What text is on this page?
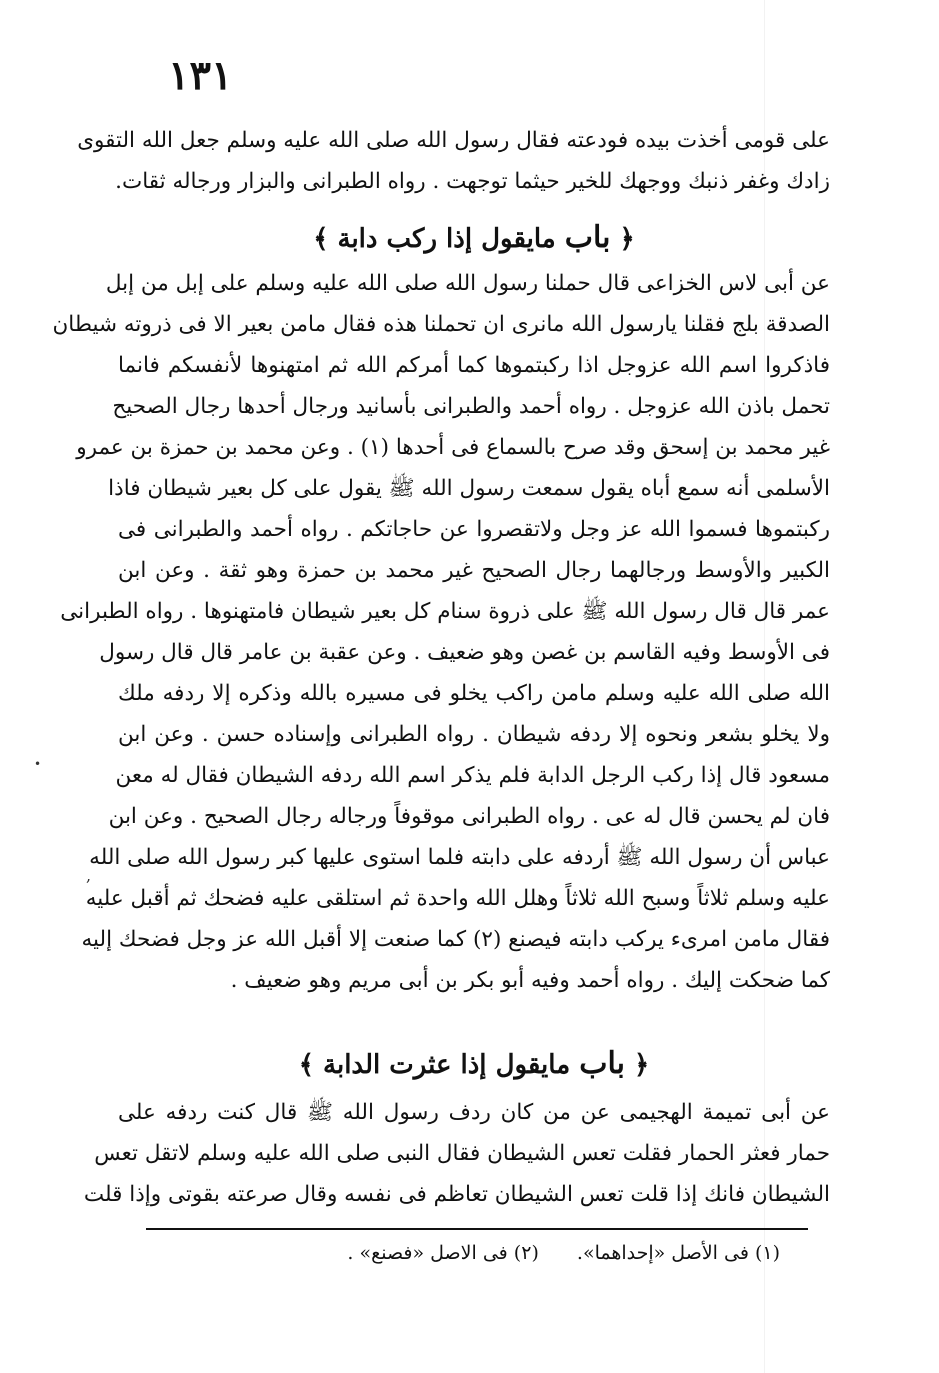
١٣١
على قومى أخذت بيده فودعته فقال رسول الله صلى الله عليه وسلم جعل الله التقوى
زادك وغفر ذنبك ووجهك للخير حيثما توجهت . رواه الطبرانى والبزار ورجاله ثقات.
﴿ باب مايقول إذا ركب دابة ﴾
عن أبى لاس الخزاعى قال حملنا رسول الله صلى الله عليه وسلم على إبل من إبل
الصدقة بلج فقلنا يارسول الله مانرى ان تحملنا هذه فقال مامن بعير الا فى ذروته شيطان
فاذكروا اسم الله عزوجل اذا ركبتموها كما أمركم الله ثم امتهنوها لأنفسكم فانما
تحمل باذن الله عزوجل . رواه أحمد والطبرانى بأسانيد ورجال أحدها رجال الصحيح
غير محمد بن إسحق وقد صرح بالسماع فى أحدها (١) . وعن محمد بن حمزة بن عمرو
الأسلمى أنه سمع أباه يقول سمعت رسول الله ﷺ يقول على كل بعير شيطان فاذا
ركبتموها فسموا الله عز وجل ولاتقصروا عن حاجاتكم . رواه أحمد والطبرانى فى
الكبير والأوسط ورجالهما رجال الصحيح غير محمد بن حمزة وهو ثقة . وعن ابن
عمر قال قال رسول الله ﷺ على ذروة سنام كل بعير شيطان فامتهنوها . رواه الطبرانى
فى الأوسط وفيه القاسم بن غصن وهو ضعيف . وعن عقبة بن عامر قال قال رسول
الله صلى الله عليه وسلم مامن راكب يخلو فى مسيره بالله وذكره إلا ردفه ملك
ولا يخلو بشعر ونحوه إلا ردفه شيطان . رواه الطبرانى وإسناده حسن . وعن ابن
مسعود قال إذا ركب الرجل الدابة فلم يذكر اسم الله ردفه الشيطان فقال له معن
فان لم يحسن قال له عى . رواه الطبرانى موقوفاً ورجاله رجال الصحيح . وعن ابن
عباس أن رسول الله ﷺ أردفه على دابته فلما استوى عليها كبر رسول الله صلى الله
عليه وسلم ثلاثاً وسبح الله ثلاثاً وهلل الله واحدة ثم استلقى عليه فضحك ثم أقبل عليه
فقال مامن امرىء يركب دابته فيصنع (٢) كما صنعت إلا أقبل الله عز وجل فضحك إليه
كما ضحكت إليك . رواه أحمد وفيه أبو بكر بن أبى مريم وهو ضعيف .
﴿ باب مايقول إذا عثرت الدابة ﴾
عن أبى تميمة الهجيمى عن من كان ردف رسول الله ﷺ قال كنت ردفه على
حمار فعثر الحمار فقلت تعس الشيطان فقال النبى صلى الله عليه وسلم لاتقل تعس
الشيطان فانك إذا قلت تعس الشيطان تعاظم فى نفسه وقال صرعته بقوتى وإذا قلت
(١) فى الأصل «إحداهما». (٢) فى الاصل «فصنع» .
•
,
